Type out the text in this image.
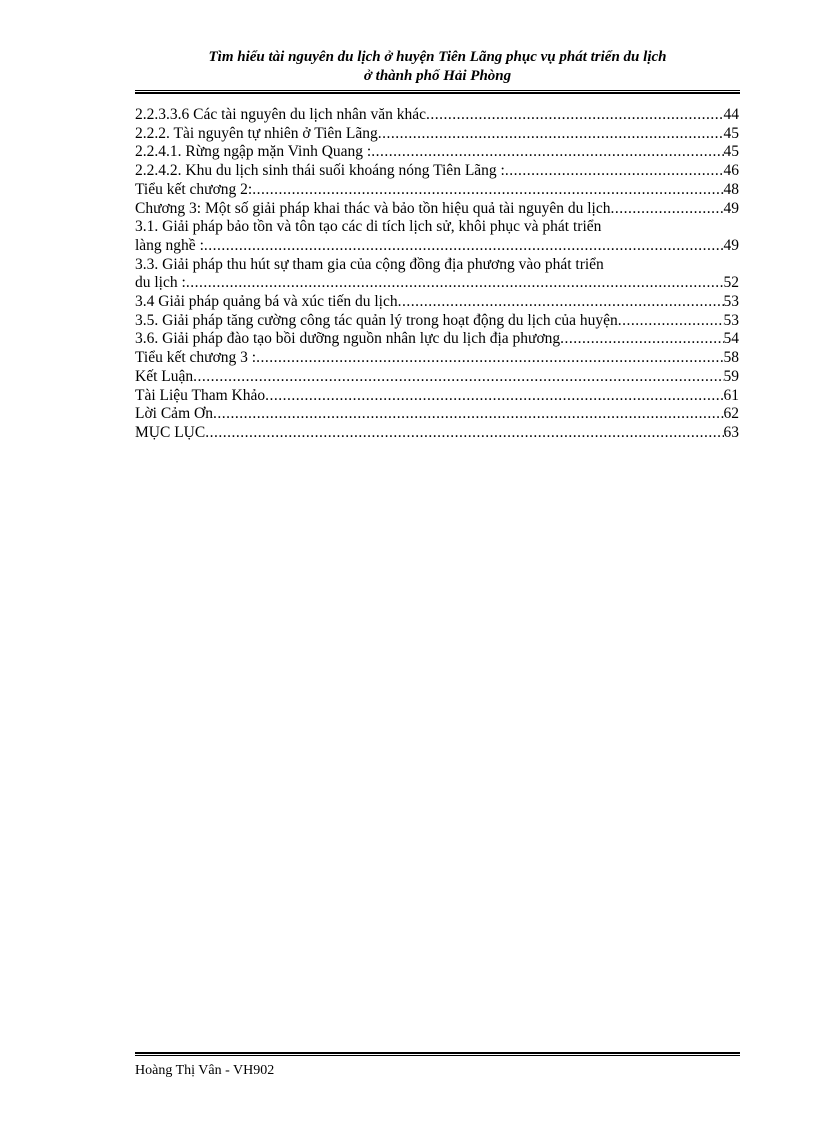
Tìm hiểu tài nguyên du lịch ở huyện Tiên Lãng phục vụ phát triển du lịch
ở thành phố Hải Phòng
2.2.3.3.6 Các tài nguyên du lịch nhân văn khác .....	44
2.2.2. Tài nguyên tự nhiên ở Tiên Lãng .....	45
2.2.4.1. Rừng ngập mặn Vinh Quang : .....	45
2.2.4.2. Khu du lịch sinh thái suối khoáng nóng Tiên Lãng : .....	46
Tiểu kết chương 2: .....	48
Chương 3: Một số giải pháp khai thác và bảo tồn hiệu quả tài nguyên du lịch .....	49
3.1. Giải pháp bảo tồn và tôn tạo các di tích lịch sử, khôi phục và phát triển
làng nghề : .....	49
3.3. Giải pháp thu hút sự tham gia của cộng đồng địa phương vào phát triển
du lịch : .....	52
3.4 Giải pháp quảng bá và xúc tiến du lịch .....	53
3.5. Giải pháp tăng cường công tác quản lý trong hoạt động du lịch của huyện .....	53
3.6. Giải pháp đào tạo bồi dưỡng nguồn nhân lực du lịch địa phương .....	54
Tiểu kết chương 3 : .....	58
Kết Luận .....	59
Tài Liệu Tham Khảo .....	61
Lời Cảm Ơn .....	62
MỤC LỤC .....	63
Hoàng Thị Vân - VH902
